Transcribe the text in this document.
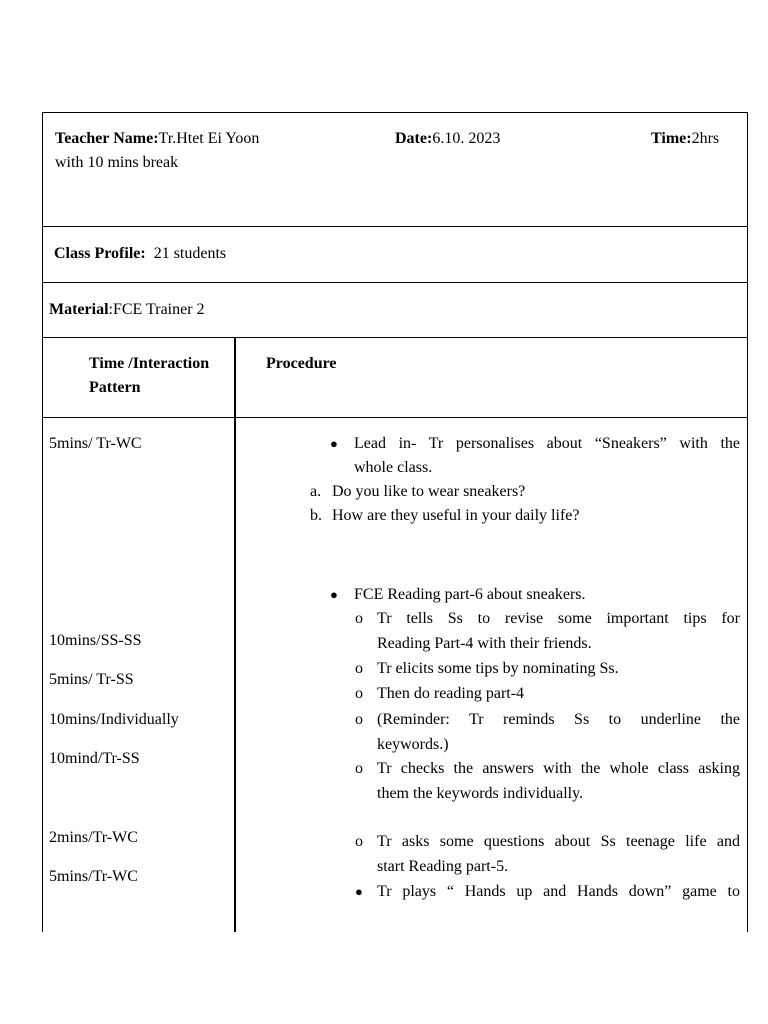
Teacher Name:Tr.Htet Ei Yoon	Date:6.10. 2023	Time:2hrs
with 10 mins break
Class Profile: 21 students
Material:FCE Trainer 2
Time /Interaction
Pattern
Procedure
5mins/ Tr-WC
10mins/SS-SS
5mins/ Tr-SS
10mins/Individually
10mind/Tr-SS
2mins/Tr-WC
5mins/Tr-WC
● Lead in- Tr personalises about “Sneakers” with the
whole class.
a. Do you like to wear sneakers?
b. How are they useful in your daily life?
● FCE Reading part-6 about sneakers.
o Tr tells Ss to revise some important tips for
Reading Part-4 with their friends.
o Tr elicits some tips by nominating Ss.
o Then do reading part-4
o (Reminder: Tr reminds Ss to underline the
keywords.)
o Tr checks the answers with the whole class asking
them the keywords individually.
o Tr asks some questions about Ss teenage life and
start Reading part-5.
● Tr plays “ Hands up and Hands down” game to
